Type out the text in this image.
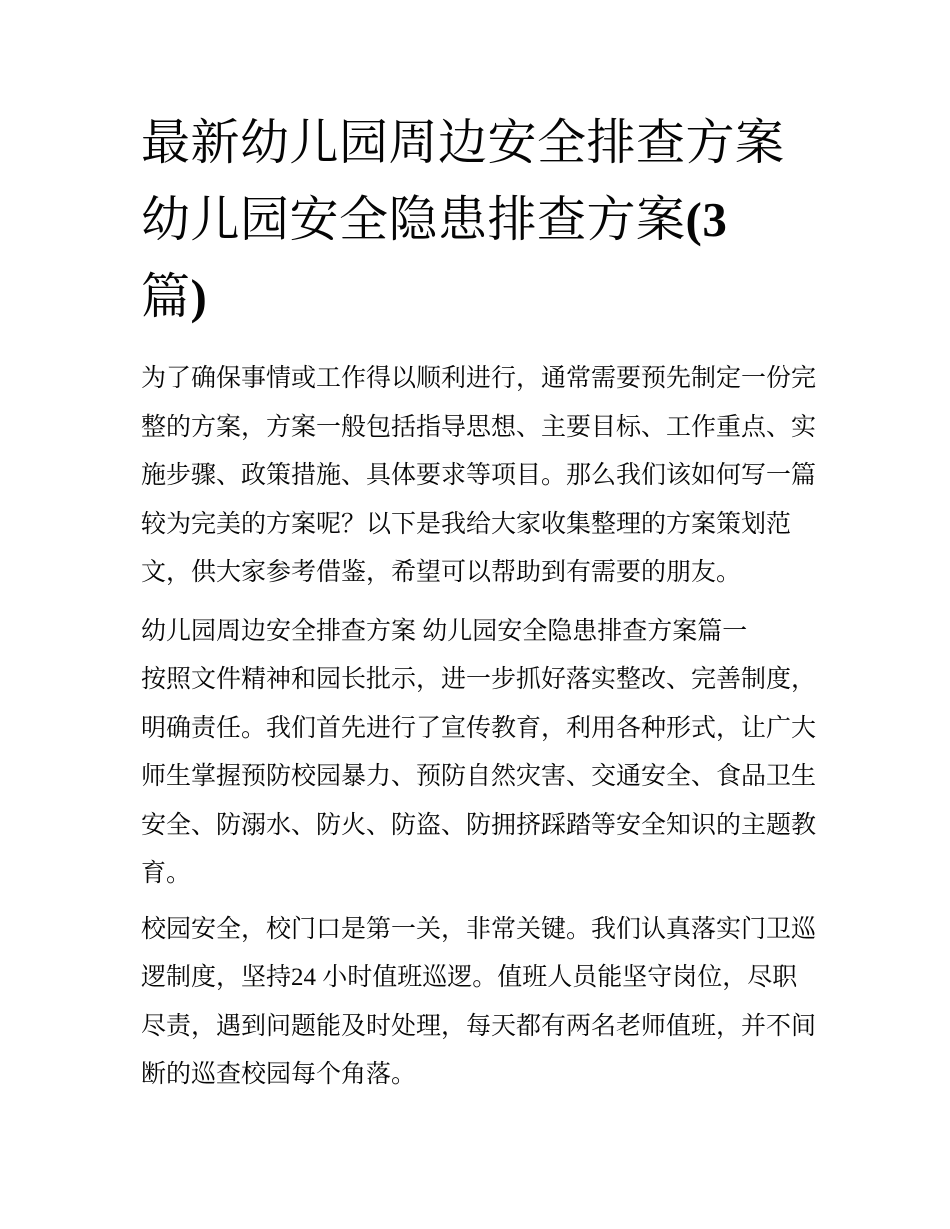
最新幼儿园周边安全排查方案
幼儿园安全隐患排查方案(3
篇)
为了确保事情或工作得以顺利进行，通常需要预先制定一份完
整的方案，方案一般包括指导思想、主要目标、工作重点、实
施步骤、政策措施、具体要求等项目。那么我们该如何写一篇
较为完美的方案呢？以下是我给大家收集整理的方案策划范
文，供大家参考借鉴，希望可以帮助到有需要的朋友。
幼儿园周边安全排查方案 幼儿园安全隐患排查方案篇一
按照文件精神和园长批示，进一步抓好落实整改、完善制度，
明确责任。我们首先进行了宣传教育，利用各种形式，让广大
师生掌握预防校园暴力、预防自然灾害、交通安全、食品卫生
安全、防溺水、防火、防盗、防拥挤踩踏等安全知识的主题教
育。
校园安全，校门口是第一关，非常关键。我们认真落实门卫巡
逻制度，坚持24 小时值班巡逻。值班人员能坚守岗位，尽职
尽责，遇到问题能及时处理，每天都有两名老师值班，并不间
断的巡查校园每个角落。
